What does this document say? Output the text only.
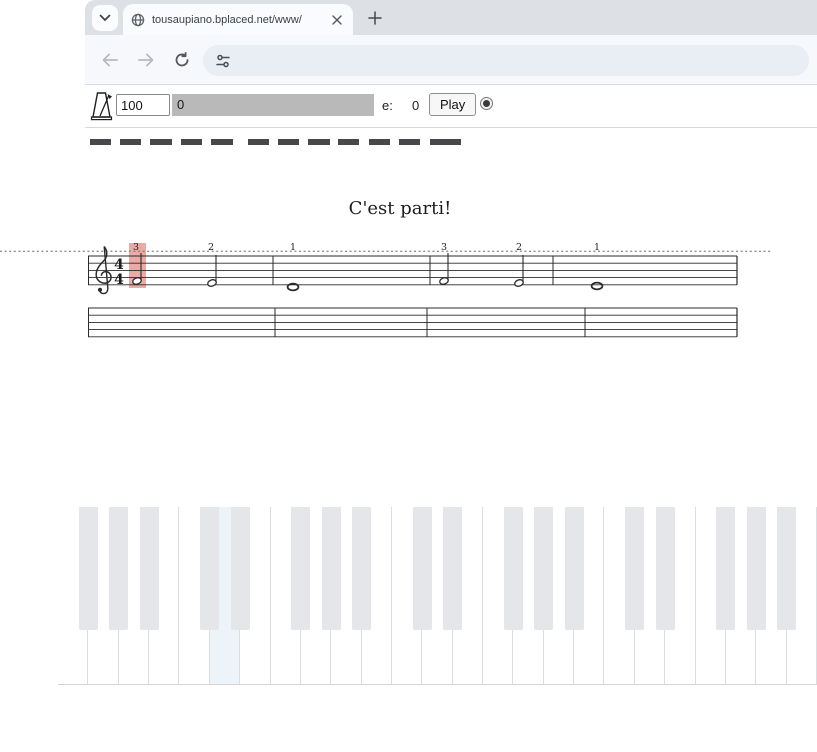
tousaupiano.bplaced.net/www/
100
0	e: 0	Play
C'est parti!
4
4
3	2	1	3	2	1
